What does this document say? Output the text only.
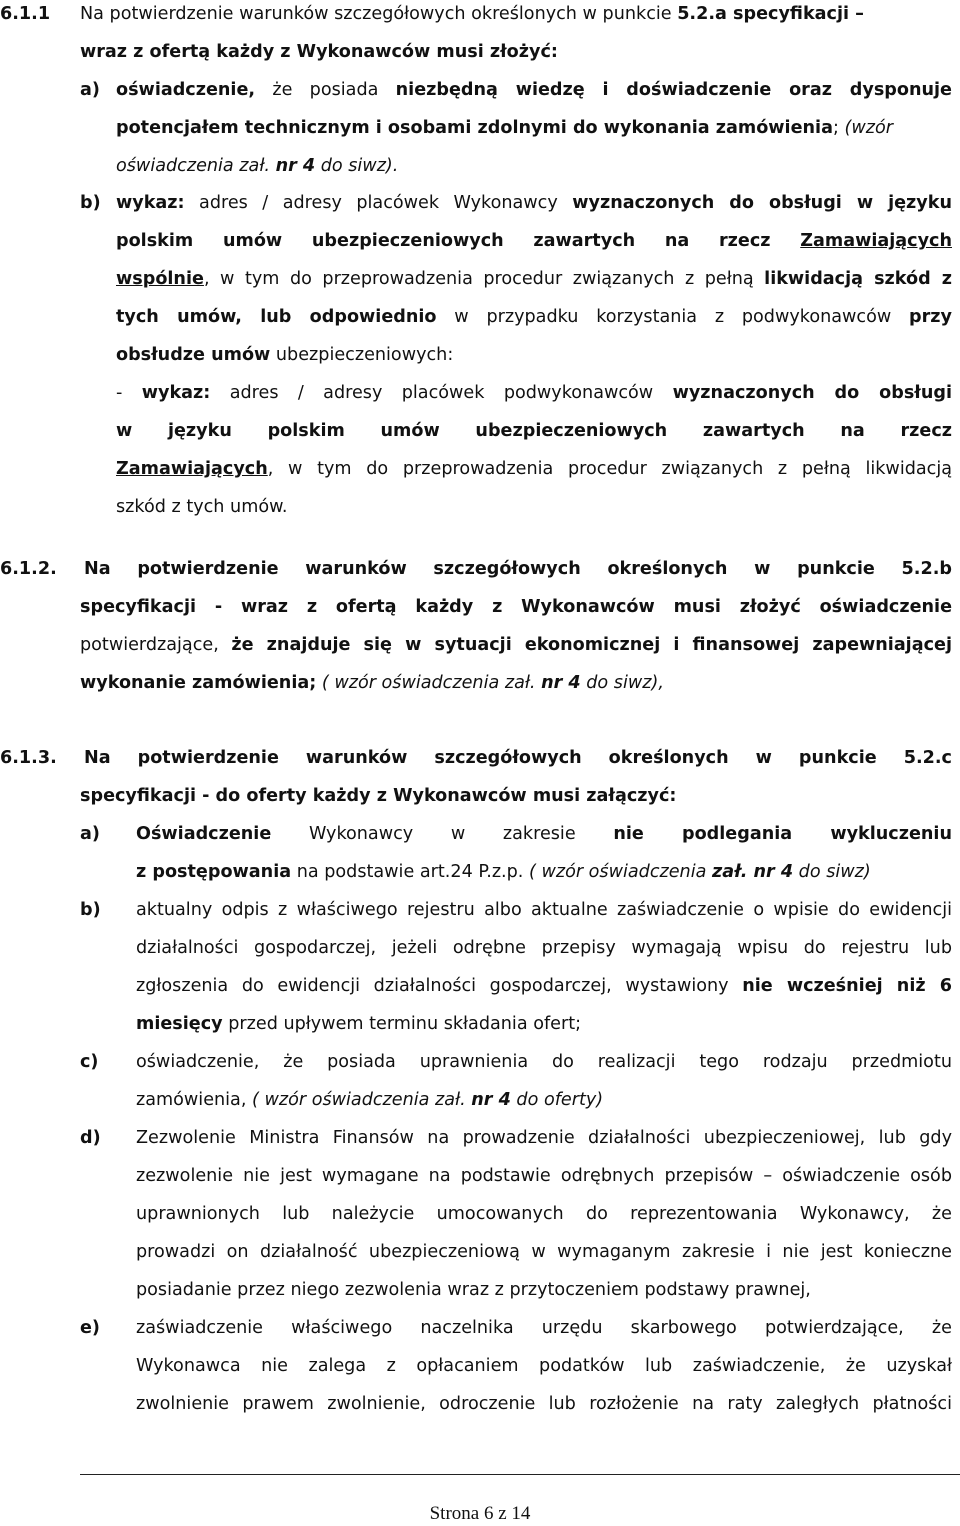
6.1.1 Na potwierdzenie warunków szczegółowych określonych w punkcie 5.2.a specyfikacji –
wraz z ofertą każdy z Wykonawców musi złożyć:
a) oświadczenie, że posiada niezbędną wiedzę i doświadczenie oraz dysponuje
potencjałem technicznym i osobami zdolnymi do wykonania zamówienia; (wzór
oświadczenia zał. nr 4 do siwz).
b) wykaz: adres / adresy placówek Wykonawcy wyznaczonych do obsługi w języku
polskim umów ubezpieczeniowych zawartych na rzecz Zamawiających
wspólnie, w tym do przeprowadzenia procedur związanych z pełną likwidacją szkód z
tych umów, lub odpowiednio w przypadku korzystania z podwykonawców przy
obsłudze umów ubezpieczeniowych:
- wykaz: adres / adresy placówek podwykonawców wyznaczonych do obsługi
w języku polskim umów ubezpieczeniowych zawartych na rzecz
Zamawiających, w tym do przeprowadzenia procedur związanych z pełną likwidacją
szkód z tych umów.
6.1.2. Na potwierdzenie warunków szczegółowych określonych w punkcie 5.2.b
specyfikacji - wraz z ofertą każdy z Wykonawców musi złożyć oświadczenie
potwierdzające, że znajduje się w sytuacji ekonomicznej i finansowej zapewniającej
wykonanie zamówienia; ( wzór oświadczenia zał. nr 4 do siwz),
6.1.3. Na potwierdzenie warunków szczegółowych określonych w punkcie 5.2.c
specyfikacji - do oferty każdy z Wykonawców musi załączyć:
a) Oświadczenie Wykonawcy w zakresie nie podlegania wykluczeniu
z postępowania na podstawie art.24 P.z.p. ( wzór oświadczenia zał. nr 4 do siwz)
b) aktualny odpis z właściwego rejestru albo aktualne zaświadczenie o wpisie do ewidencji
działalności gospodarczej, jeżeli odrębne przepisy wymagają wpisu do rejestru lub
zgłoszenia do ewidencji działalności gospodarczej, wystawiony nie wcześniej niż 6
miesięcy przed upływem terminu składania ofert;
c) oświadczenie, że posiada uprawnienia do realizacji tego rodzaju przedmiotu
zamówienia, ( wzór oświadczenia zał. nr 4 do oferty)
d) Zezwolenie Ministra Finansów na prowadzenie działalności ubezpieczeniowej, lub gdy
zezwolenie nie jest wymagane na podstawie odrębnych przepisów – oświadczenie osób
uprawnionych lub należycie umocowanych do reprezentowania Wykonawcy, że
prowadzi on działalność ubezpieczeniową w wymaganym zakresie i nie jest konieczne
posiadanie przez niego zezwolenia wraz z przytoczeniem podstawy prawnej,
e) zaświadczenie właściwego naczelnika urzędu skarbowego potwierdzające, że
Wykonawca nie zalega z opłacaniem podatków lub zaświadczenie, że uzyskał
zwolnienie prawem zwolnienie, odroczenie lub rozłożenie na raty zaległych płatności
Strona 6 z 14
